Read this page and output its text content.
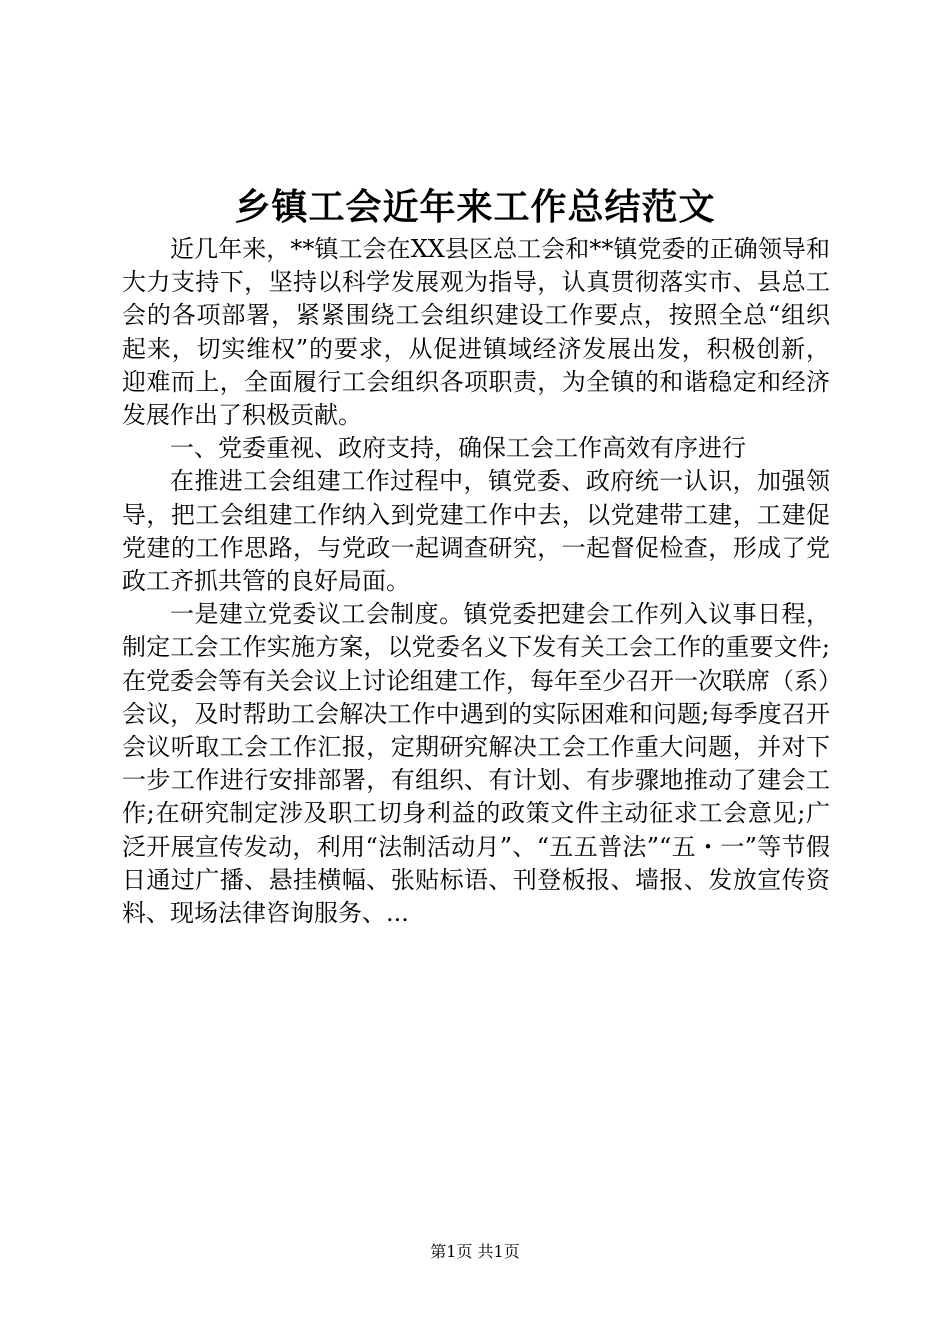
乡镇工会近年来工作总结范文

近几年来，**镇工会在XX县区总工会和**镇党委的正确领导和大力支持下，坚持以科学发展观为指导，认真贯彻落实市、县总工会的各项部署，紧紧围绕工会组织建设工作要点，按照全总“组织起来，切实维权”的要求，从促进镇域经济发展出发，积极创新，迎难而上，全面履行工会组织各项职责，为全镇的和谐稳定和经济发展作出了积极贡献。

一、党委重视、政府支持，确保工会工作高效有序进行

在推进工会组建工作过程中，镇党委、政府统一认识，加强领导，把工会组建工作纳入到党建工作中去，以党建带工建，工建促党建的工作思路，与党政一起调查研究，一起督促检查，形成了党政工齐抓共管的良好局面。

一是建立党委议工会制度。镇党委把建会工作列入议事日程，制定工会工作实施方案，以党委名义下发有关工会工作的重要文件;在党委会等有关会议上讨论组建工作，每年至少召开一次联席（系）会议，及时帮助工会解决工作中遇到的实际困难和问题;每季度召开会议听取工会工作汇报，定期研究解决工会工作重大问题，并对下一步工作进行安排部署，有组织、有计划、有步骤地推动了建会工作;在研究制定涉及职工切身利益的政策文件主动征求工会意见;广泛开展宣传发动，利用“法制活动月”、“五五普法”“五・一”等节假日通过广播、悬挂横幅、张贴标语、刊登板报、墙报、发放宣传资料、现场法律咨询服务、...

第1页 共1页
